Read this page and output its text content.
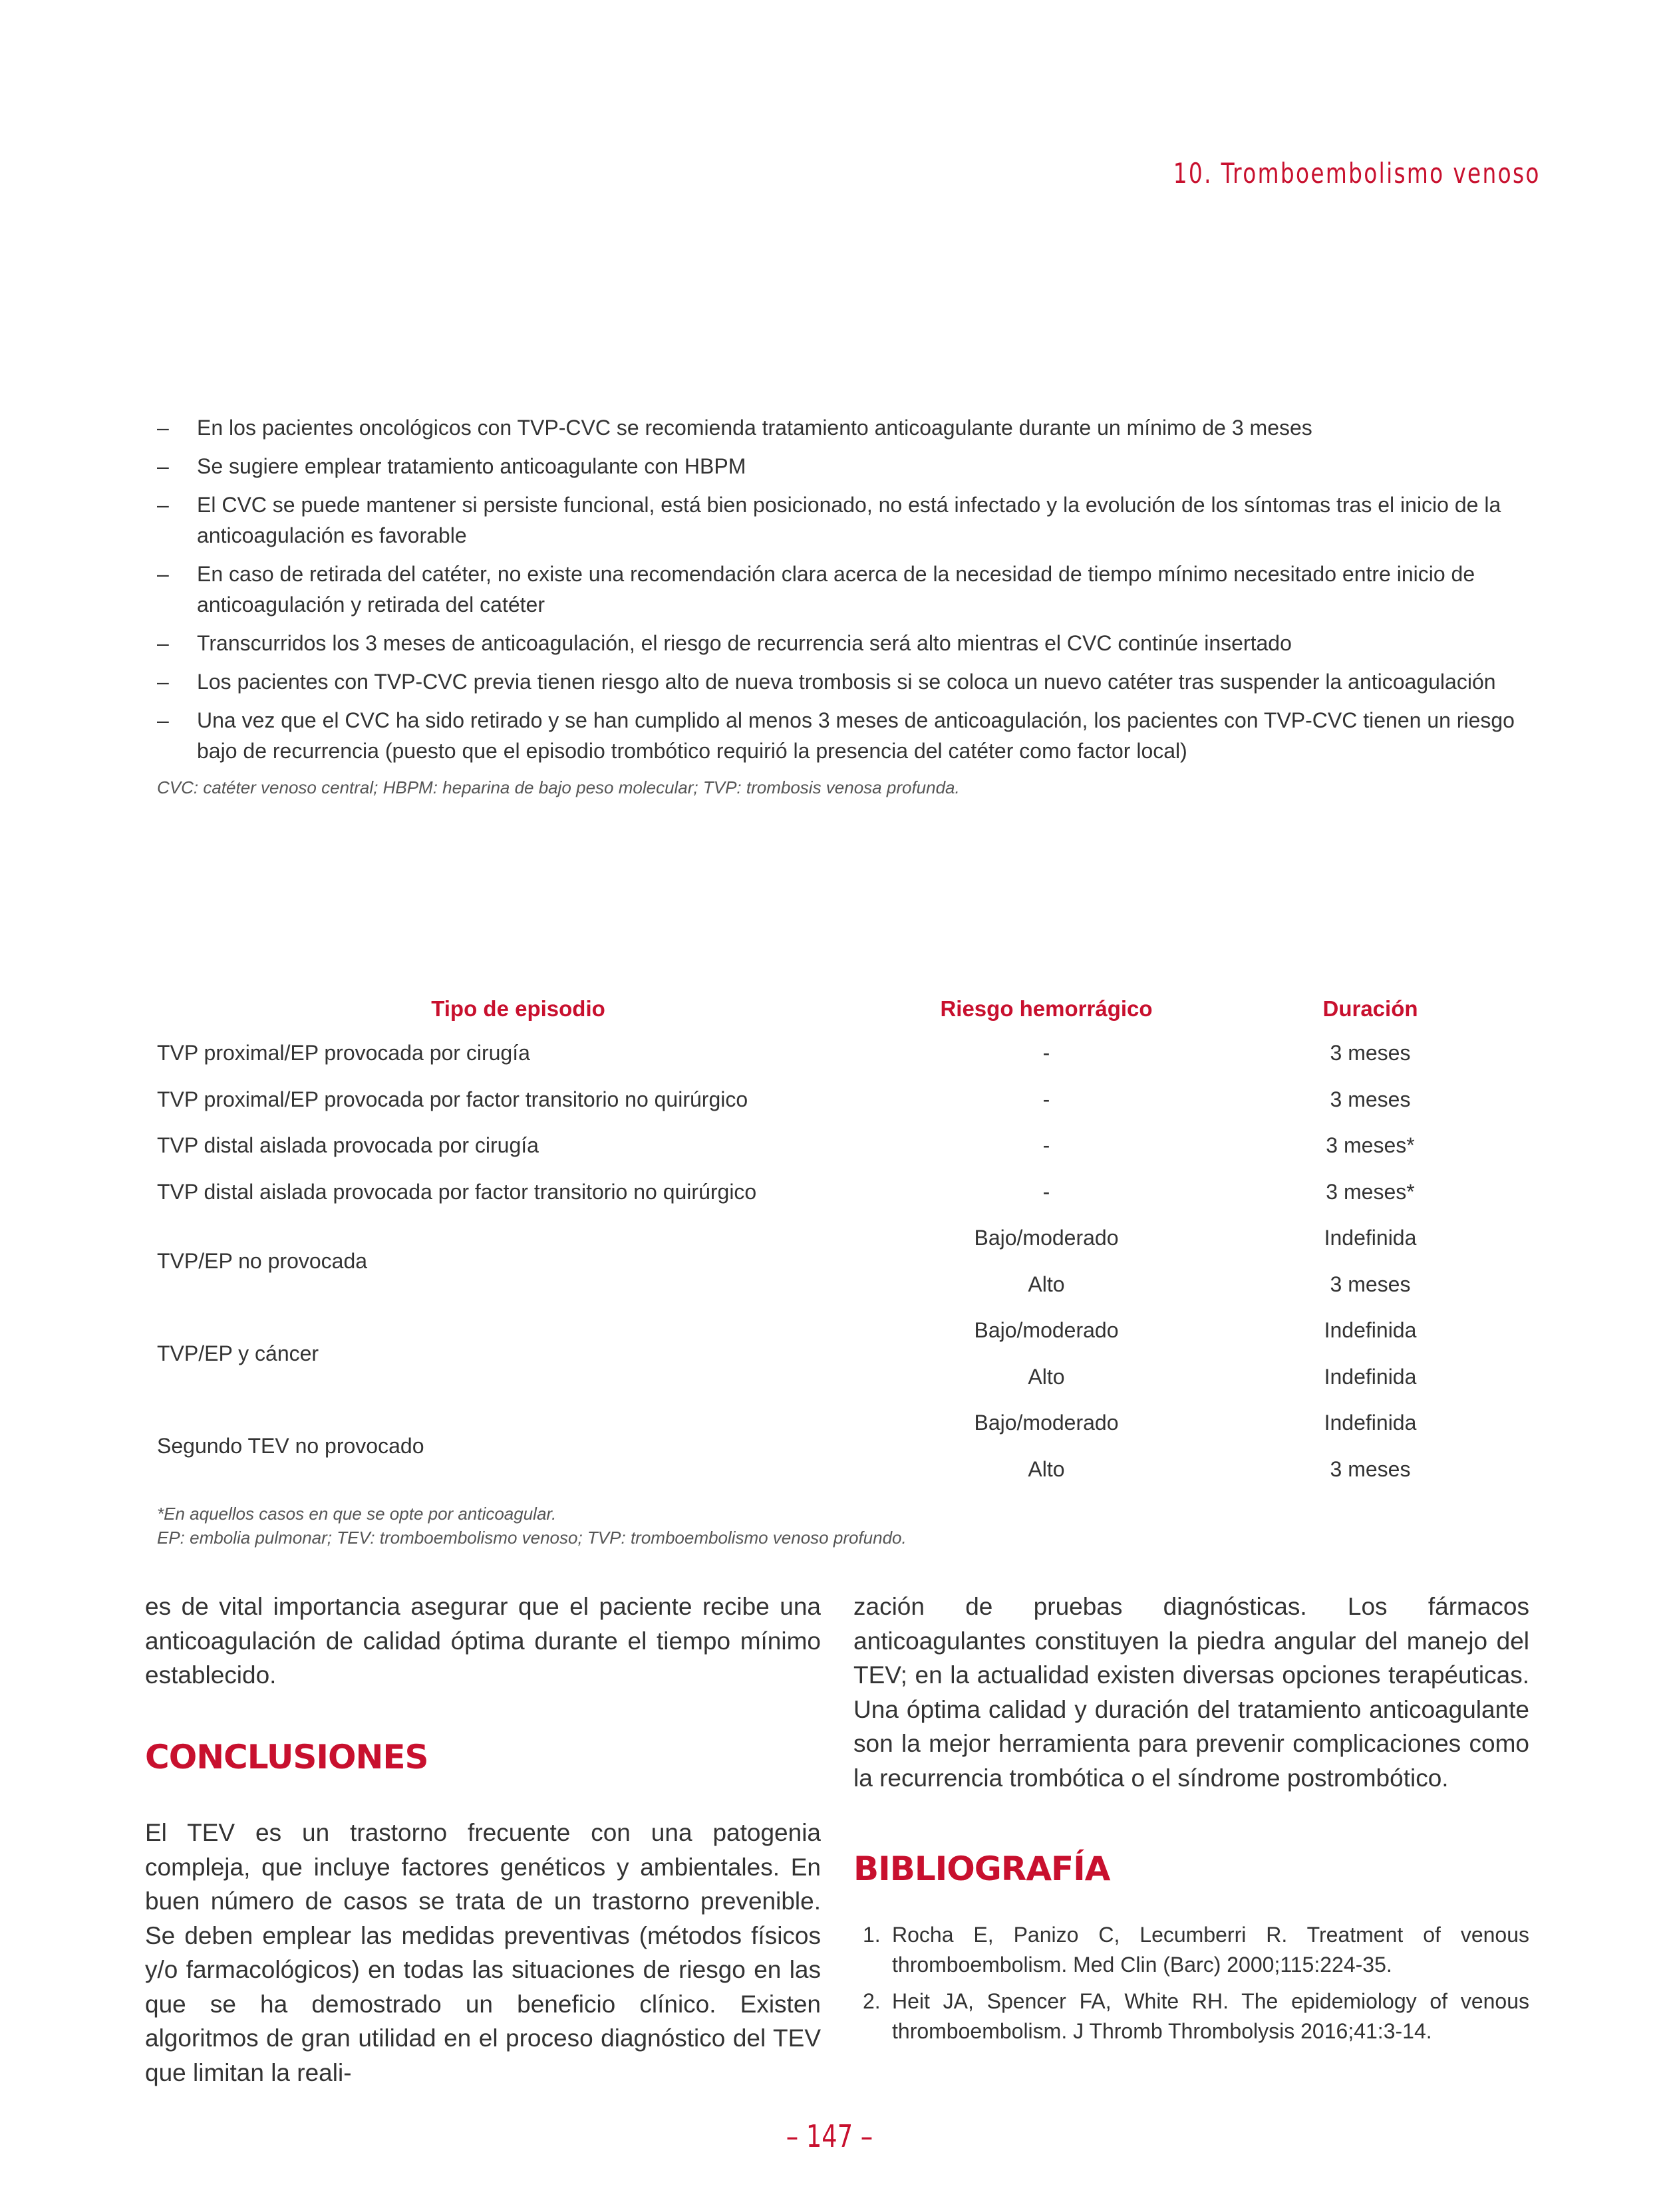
10. Tromboembolismo venoso
–	En los pacientes oncológicos con TVP-CVC se recomienda tratamiento anticoagulante durante un mínimo de 3 meses
–	Se sugiere emplear tratamiento anticoagulante con HBPM
–	El CVC se puede mantener si persiste funcional, está bien posicionado, no está infectado y la evolución de los síntomas tras el inicio de la anticoagulación es favorable
–	En caso de retirada del catéter, no existe una recomendación clara acerca de la necesidad de tiempo mínimo necesitado entre inicio de anticoagulación y retirada del catéter
–	Transcurridos los 3 meses de anticoagulación, el riesgo de recurrencia será alto mientras el CVC continúe insertado
–	Los pacientes con TVP-CVC previa tienen riesgo alto de nueva trombosis si se coloca un nuevo catéter tras suspender la anticoagulación
–	Una vez que el CVC ha sido retirado y se han cumplido al menos 3 meses de anticoagulación, los pacientes con TVP-CVC tienen un riesgo bajo de recurrencia (puesto que el episodio trombótico requirió la presencia del catéter como factor local)
CVC: catéter venoso central; HBPM: heparina de bajo peso molecular; TVP: trombosis venosa profunda.
Tipo de episodio	Riesgo hemorrágico	Duración
TVP proximal/EP provocada por cirugía	-	3 meses
TVP proximal/EP provocada por factor transitorio no quirúrgico	-	3 meses
TVP distal aislada provocada por cirugía	-	3 meses*
TVP distal aislada provocada por factor transitorio no quirúrgico	-	3 meses*
TVP/EP no provocada	Bajo/moderado	Indefinida
	Alto	3 meses
TVP/EP y cáncer	Bajo/moderado	Indefinida
	Alto	Indefinida
Segundo TEV no provocado	Bajo/moderado	Indefinida
	Alto	3 meses
*En aquellos casos en que se opte por anticoagular.
EP: embolia pulmonar; TEV: tromboembolismo venoso; TVP: tromboembolismo venoso profundo.

es de vital importancia asegurar que el paciente recibe una anticoagulación de calidad óptima durante el tiempo mínimo establecido.

CONCLUSIONES

El TEV es un trastorno frecuente con una patogenia compleja, que incluye factores genéticos y ambientales. En buen número de casos se trata de un trastorno prevenible. Se deben emplear las medidas preventivas (métodos físicos y/o farmacológicos) en todas las situaciones de riesgo en las que se ha demostrado un beneficio clínico. Existen algoritmos de gran utilidad en el proceso diagnóstico del TEV que limitan la reali-

zación de pruebas diagnósticas. Los fármacos anticoagulantes constituyen la piedra angular del manejo del TEV; en la actualidad existen diversas opciones terapéuticas. Una óptima calidad y duración del tratamiento anticoagulante son la mejor herramienta para prevenir complicaciones como la recurrencia trombótica o el síndrome postrombótico.

BIBLIOGRAFÍA
1. Rocha E, Panizo C, Lecumberri R. Treatment of venous thromboembolism. Med Clin (Barc) 2000;115:224-35.
2. Heit JA, Spencer FA, White RH. The epidemiology of venous thromboembolism. J Thromb Thrombolysis 2016;41:3-14.
– 147 –
